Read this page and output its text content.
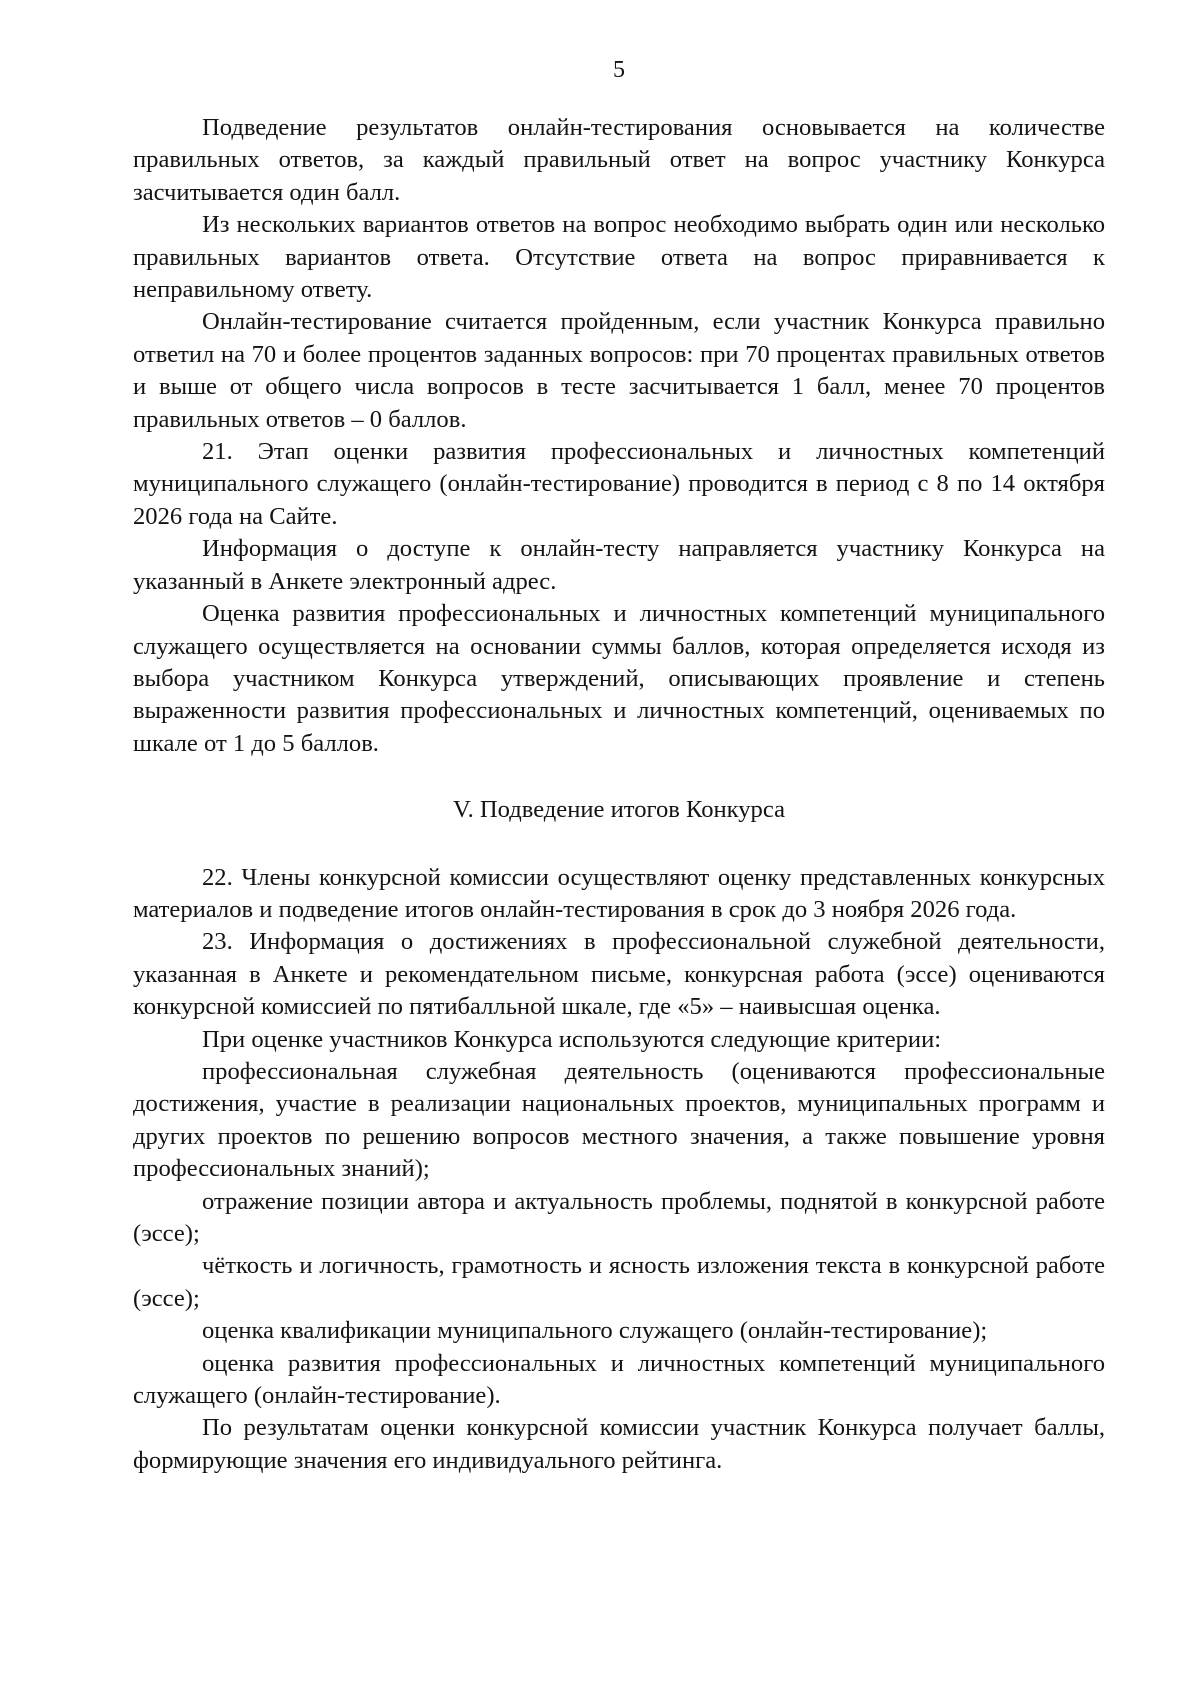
5

Подведение результатов онлайн-тестирования основывается на количестве правильных ответов, за каждый правильный ответ на вопрос участнику Конкурса засчитывается один балл.

Из нескольких вариантов ответов на вопрос необходимо выбрать один или несколько правильных вариантов ответа. Отсутствие ответа на вопрос приравнивается к неправильному ответу.

Онлайн-тестирование считается пройденным, если участник Конкурса правильно ответил на 70 и более процентов заданных вопросов: при 70 процентах правильных ответов и выше от общего числа вопросов в тесте засчитывается 1 балл, менее 70 процентов правильных ответов – 0 баллов.

21. Этап оценки развития профессиональных и личностных компетенций муниципального служащего (онлайн-тестирование) проводится в период с 8 по 14 октября 2026 года на Сайте.

Информация о доступе к онлайн-тесту направляется участнику Конкурса на указанный в Анкете электронный адрес.

Оценка развития профессиональных и личностных компетенций муниципального служащего осуществляется на основании суммы баллов, которая определяется исходя из выбора участником Конкурса утверждений, описывающих проявление и степень выраженности развития профессиональных и личностных компетенций, оцениваемых по шкале от 1 до 5 баллов.

V. Подведение итогов Конкурса

22. Члены конкурсной комиссии осуществляют оценку представленных конкурсных материалов и подведение итогов онлайн-тестирования в срок до 3 ноября 2026 года.

23. Информация о достижениях в профессиональной служебной деятельности, указанная в Анкете и рекомендательном письме, конкурсная работа (эссе) оцениваются конкурсной комиссией по пятибалльной шкале, где «5» – наивысшая оценка.

При оценке участников Конкурса используются следующие критерии:

профессиональная служебная деятельность (оцениваются профессиональные достижения, участие в реализации национальных проектов, муниципальных программ и других проектов по решению вопросов местного значения, а также повышение уровня профессиональных знаний);

отражение позиции автора и актуальность проблемы, поднятой в конкурсной работе (эссе);

чёткость и логичность, грамотность и ясность изложения текста в конкурсной работе (эссе);

оценка квалификации муниципального служащего (онлайн-тестирование);

оценка развития профессиональных и личностных компетенций муниципального служащего (онлайн-тестирование).

По результатам оценки конкурсной комиссии участник Конкурса получает баллы, формирующие значения его индивидуального рейтинга.
